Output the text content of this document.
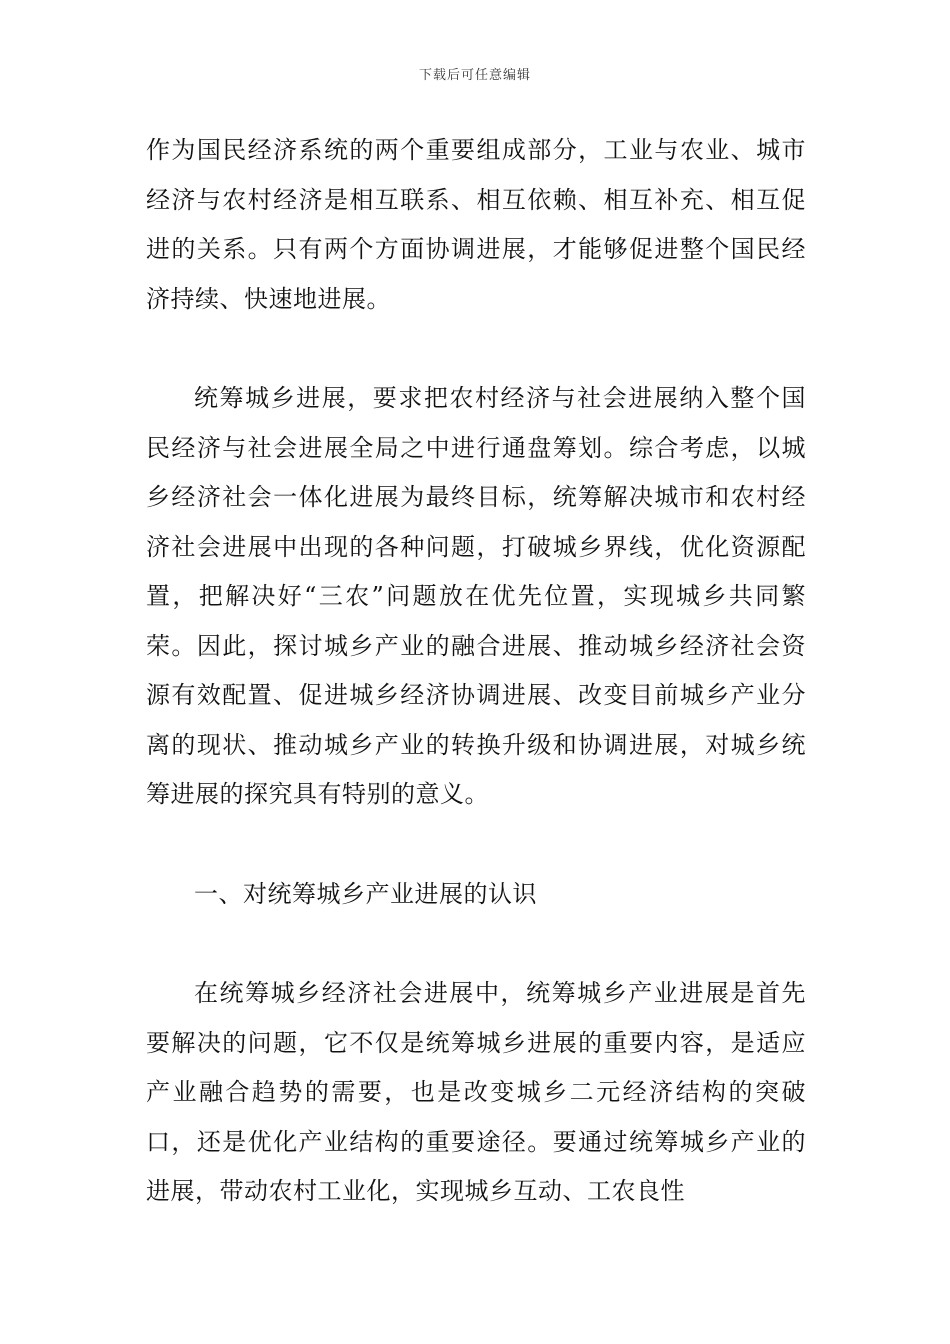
下载后可任意编辑

作为国民经济系统的两个重要组成部分，工业与农业、城市经济与农村经济是相互联系、相互依赖、相互补充、相互促进的关系。只有两个方面协调进展，才能够促进整个国民经济持续、快速地进展。

统筹城乡进展，要求把农村经济与社会进展纳入整个国民经济与社会进展全局之中进行通盘筹划。综合考虑，以城乡经济社会一体化进展为最终目标，统筹解决城市和农村经济社会进展中出现的各种问题，打破城乡界线，优化资源配置，把解决好“三农”问题放在优先位置，实现城乡共同繁荣。因此，探讨城乡产业的融合进展、推动城乡经济社会资源有效配置、促进城乡经济协调进展、改变目前城乡产业分离的现状、推动城乡产业的转换升级和协调进展，对城乡统筹进展的探究具有特别的意义。

一、对统筹城乡产业进展的认识

在统筹城乡经济社会进展中，统筹城乡产业进展是首先要解决的问题，它不仅是统筹城乡进展的重要内容，是适应产业融合趋势的需要，也是改变城乡二元经济结构的突破口，还是优化产业结构的重要途径。要通过统筹城乡产业的进展，带动农村工业化，实现城乡互动、工农良性
